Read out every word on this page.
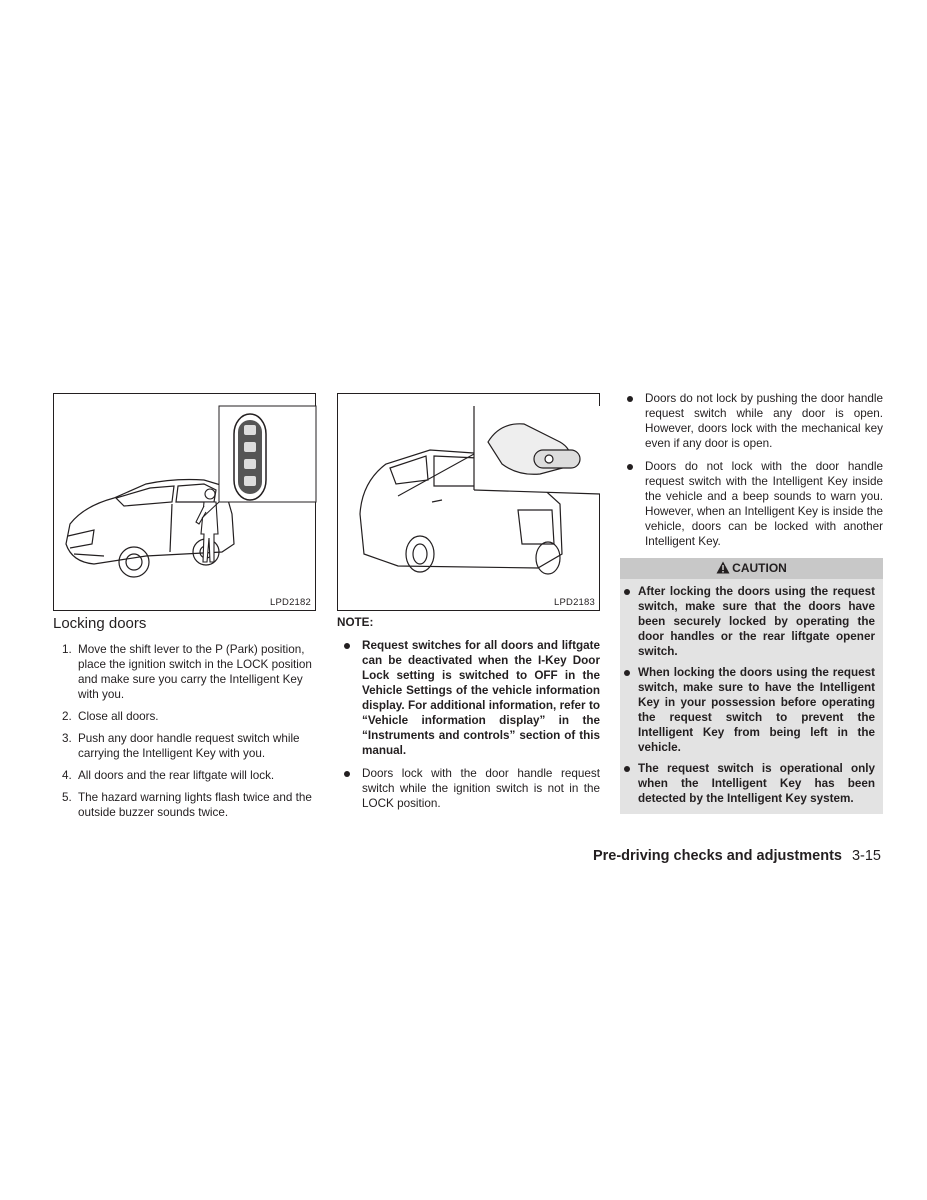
LPD2182	LPD2183
Locking doors
1. Move the shift lever to the P (Park) position, place the ignition switch in the LOCK position and make sure you carry the Intelligent Key with you.
2. Close all doors.
3. Push any door handle request switch while carrying the Intelligent Key with you.
4. All doors and the rear liftgate will lock.
5. The hazard warning lights flash twice and the outside buzzer sounds twice.
NOTE:
Request switches for all doors and liftgate can be deactivated when the I-Key Door Lock setting is switched to OFF in the Vehicle Settings of the vehicle information display. For additional information, refer to “Vehicle information display” in the “Instruments and controls” section of this manual.
Doors lock with the door handle request switch while the ignition switch is not in the LOCK position.
Doors do not lock by pushing the door handle request switch while any door is open. However, doors lock with the mechanical key even if any door is open.
Doors do not lock with the door handle request switch with the Intelligent Key inside the vehicle and a beep sounds to warn you. However, when an Intelligent Key is inside the vehicle, doors can be locked with another Intelligent Key.
CAUTION
After locking the doors using the request switch, make sure that the doors have been securely locked by operating the door handles or the rear liftgate opener switch.
When locking the doors using the request switch, make sure to have the Intelligent Key in your possession before operating the request switch to prevent the Intelligent Key from being left in the vehicle.
The request switch is operational only when the Intelligent Key has been detected by the Intelligent Key system.
Pre-driving checks and adjustments 3-15
